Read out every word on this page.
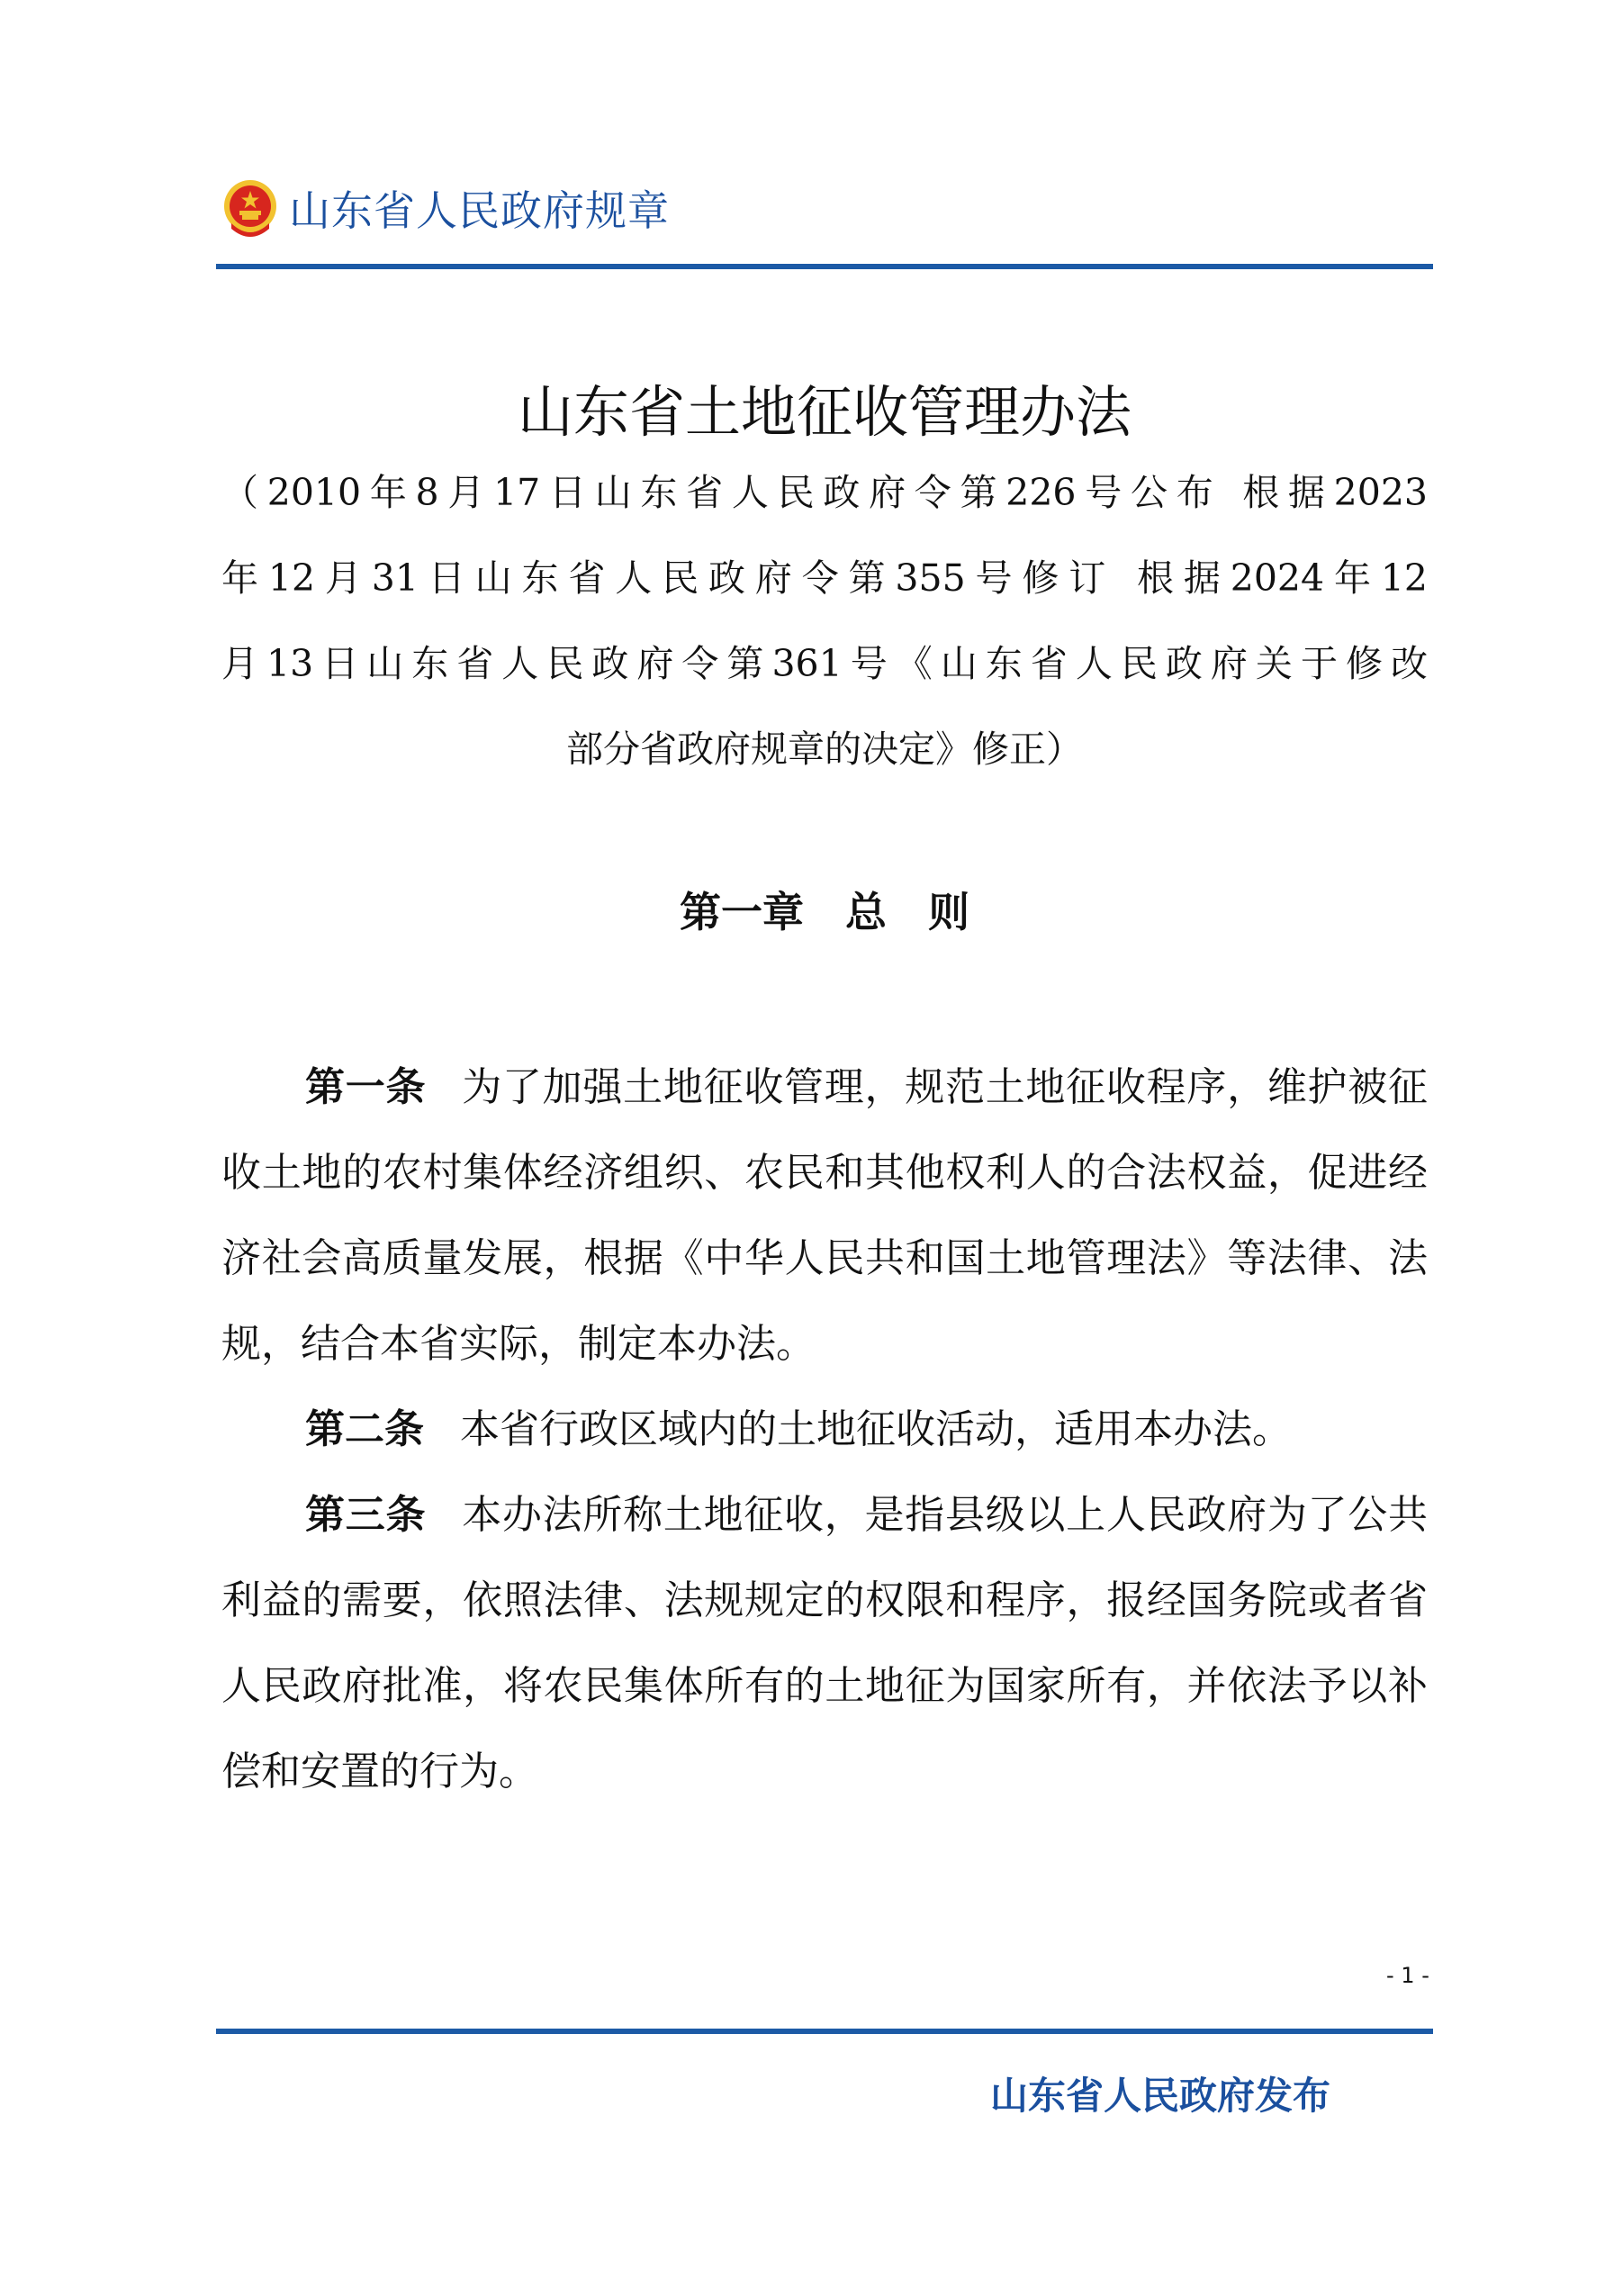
山东省人民政府规章
山东省土地征收管理办法
（2010年8月17日山东省人民政府令第226号公布 根据2023
年12月31日山东省人民政府令第355号修订 根据2024年12
月13日山东省人民政府令第361号《山东省人民政府关于修改
部分省政府规章的决定》修正）
第一章　总　则

第一条 为了加强土地征收管理，规范土地征收程序，维护被征收土地的农村集体经济组织、农民和其他权利人的合法权益，促进经济社会高质量发展，根据《中华人民共和国土地管理法》等法律、法规，结合本省实际，制定本办法。

第二条 本省行政区域内的土地征收活动，适用本办法。

第三条 本办法所称土地征收，是指县级以上人民政府为了公共利益的需要，依照法律、法规规定的权限和程序，报经国务院或者省人民政府批准，将农民集体所有的土地征为国家所有，并依法予以补偿和安置的行为。

- 1 -
山东省人民政府发布
